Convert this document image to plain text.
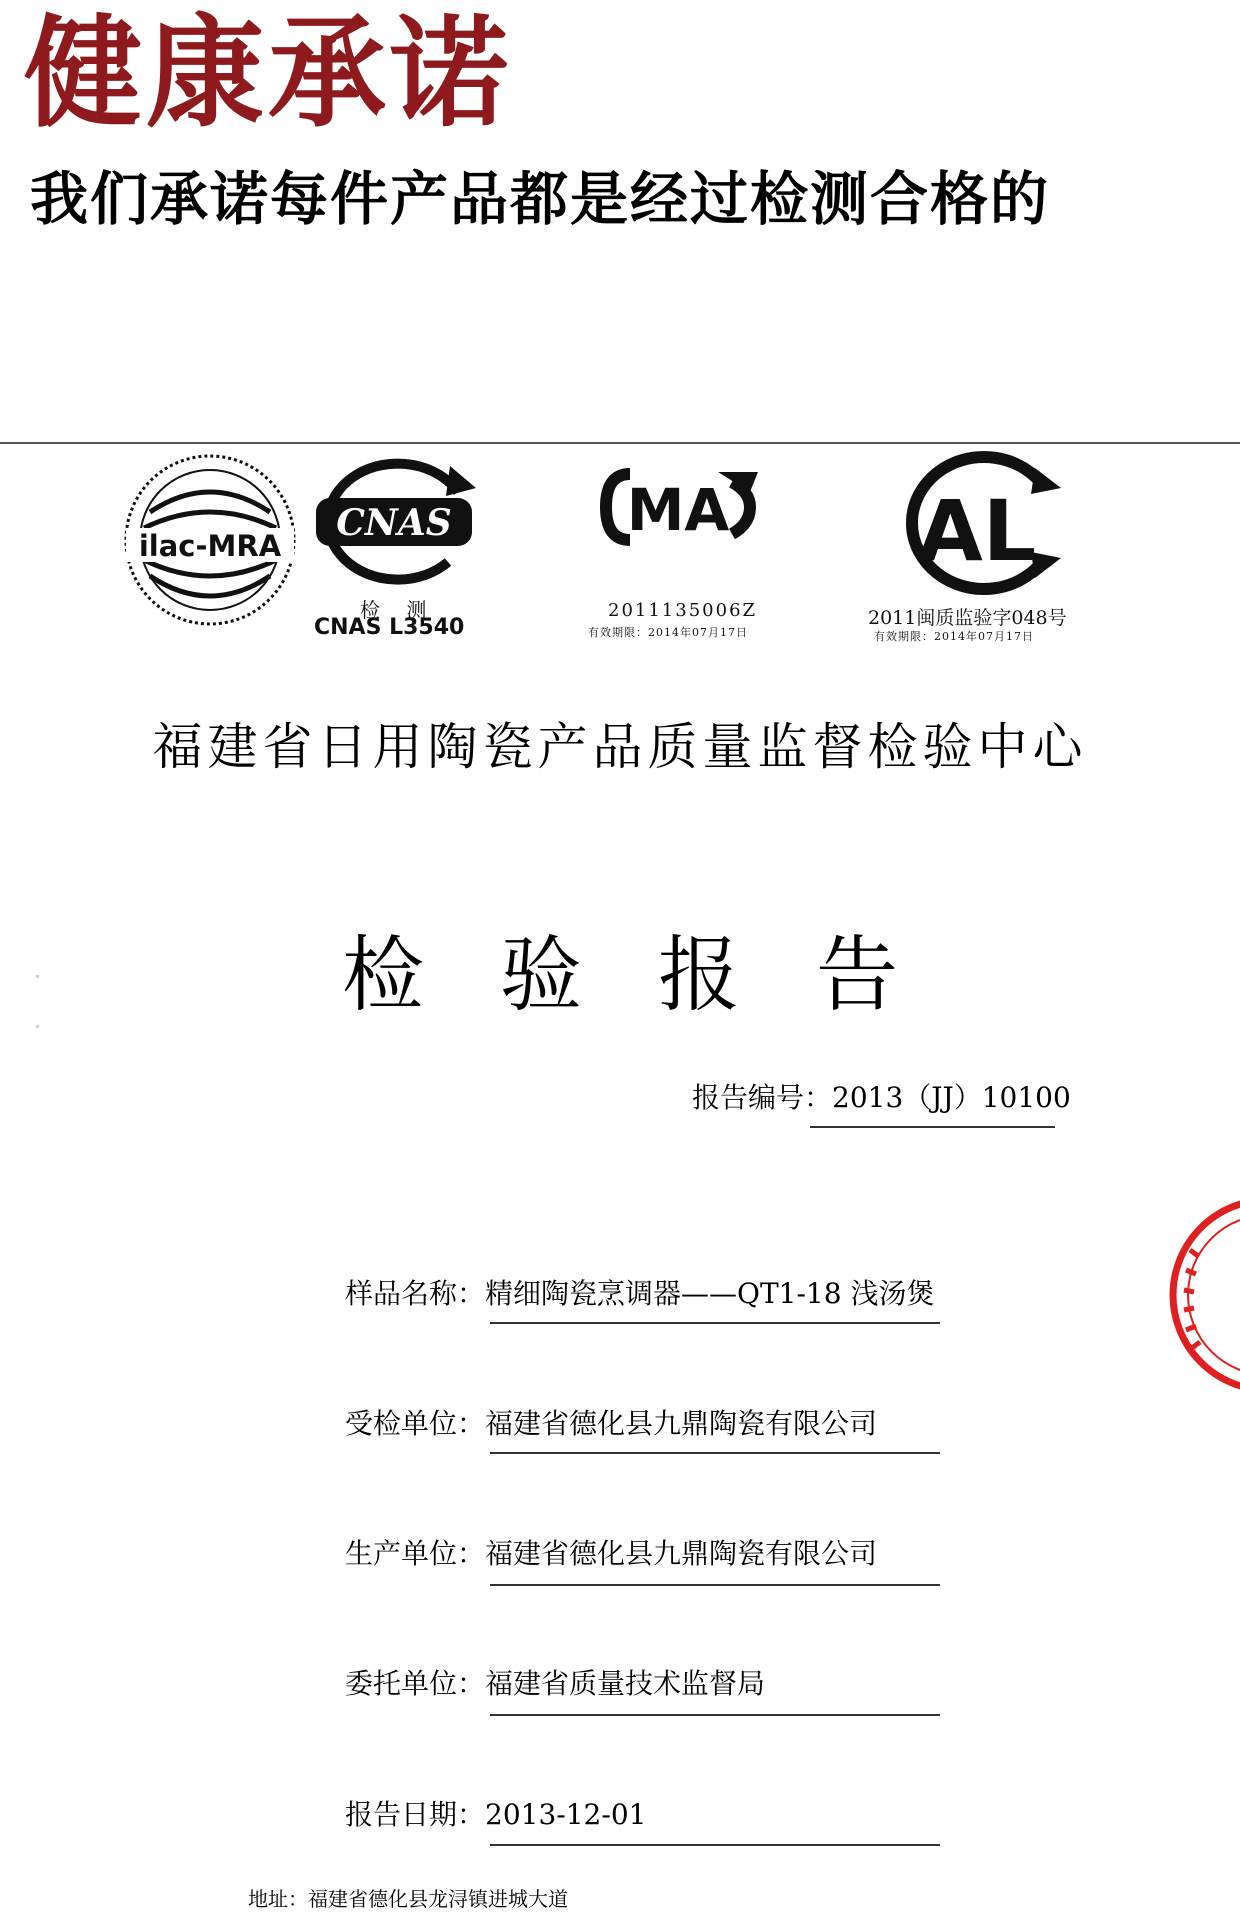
健康承诺
我们承诺每件产品都是经过检测合格的
ilac-MRA
CNAS
检 测
CNAS L3540
MA
2011135006Z
有效期限：2014年07月17日
AL
2011闽质监验字048号
有效期限：2014年07月17日
福建省日用陶瓷产品质量监督检验中心
检 验 报 告
报告编号：2013（JJ）10100
样品名称：精细陶瓷烹调器——QT1-18 浅汤煲
受检单位：福建省德化县九鼎陶瓷有限公司
生产单位：福建省德化县九鼎陶瓷有限公司
委托单位：福建省质量技术监督局
报告日期：2013-12-01
地址：福建省德化县龙浔镇进城大道
